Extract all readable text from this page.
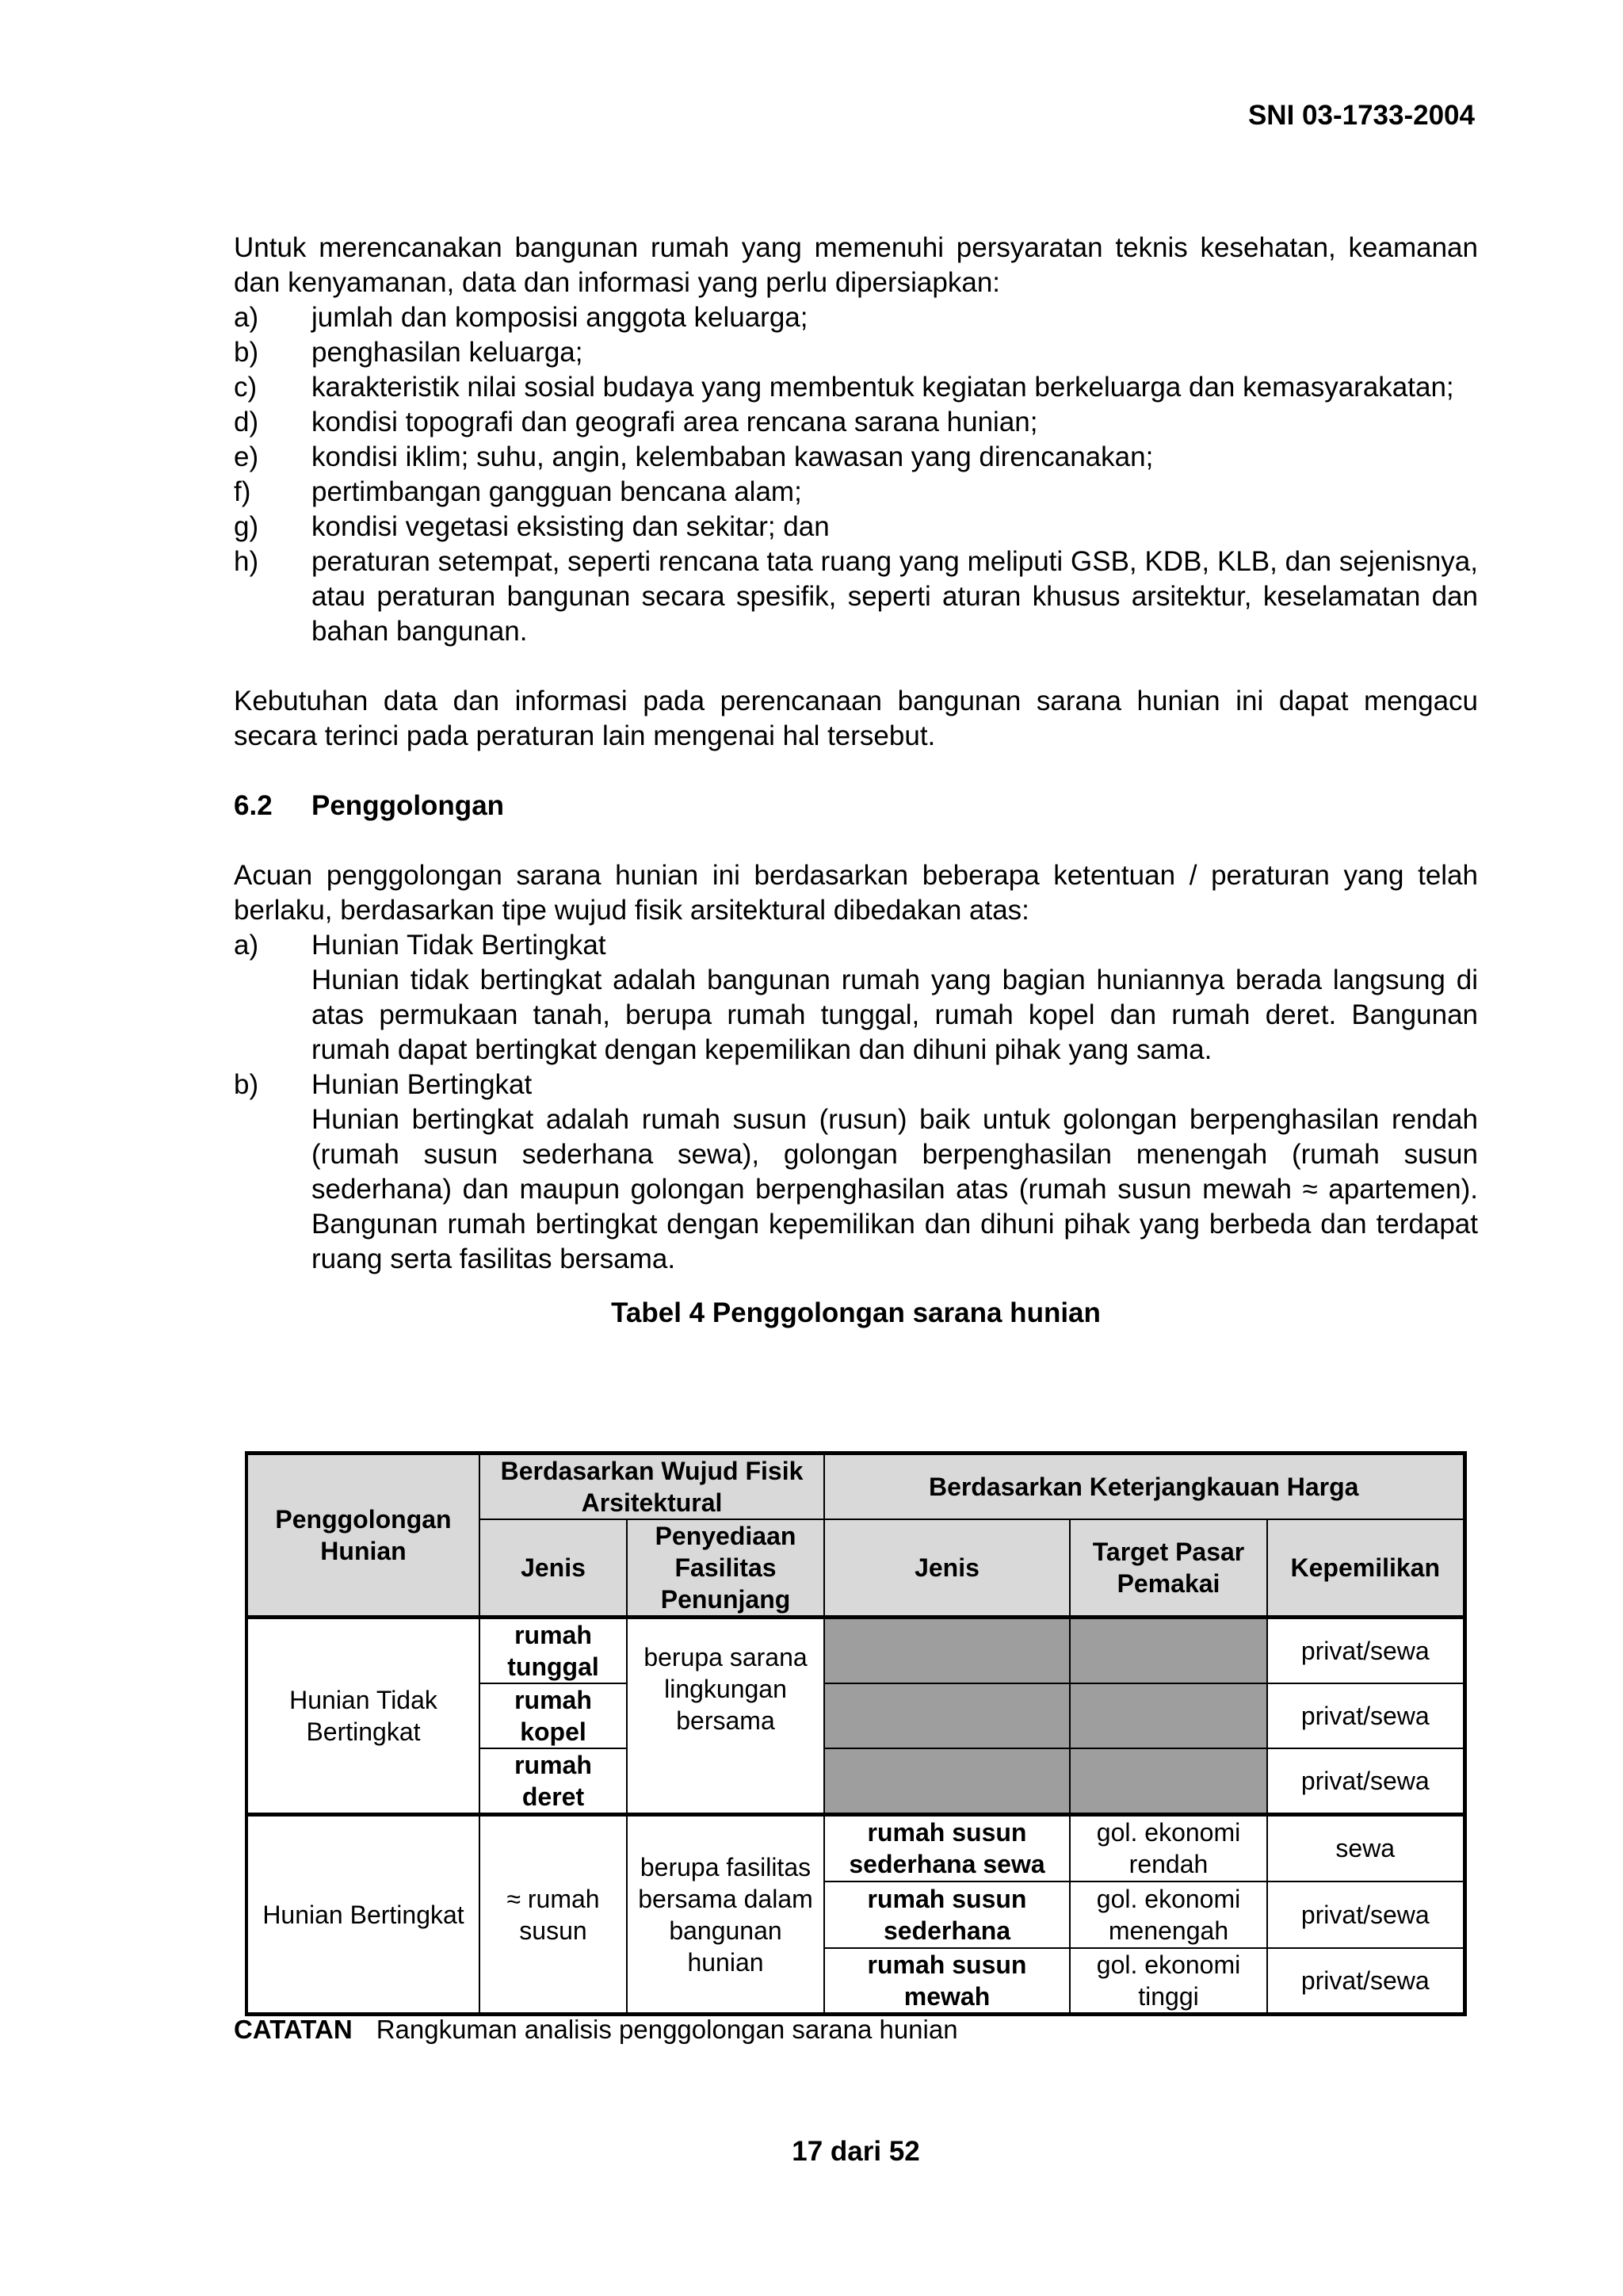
SNI 03-1733-2004

Untuk merencanakan bangunan rumah yang memenuhi persyaratan teknis kesehatan, keamanan dan kenyamanan, data dan informasi yang perlu dipersiapkan:

a)	jumlah dan komposisi anggota keluarga;
b)	penghasilan keluarga;
c)	karakteristik nilai sosial budaya yang membentuk kegiatan berkeluarga dan kemasyarakatan;
d)	kondisi topografi dan geografi area rencana sarana hunian;
e)	kondisi iklim; suhu, angin, kelembaban kawasan yang direncanakan;
f)	pertimbangan gangguan bencana alam;
g)	kondisi vegetasi eksisting dan sekitar; dan
h)	peraturan setempat, seperti rencana tata ruang yang meliputi GSB, KDB, KLB, dan sejenisnya, atau peraturan bangunan secara spesifik, seperti aturan khusus arsitektur, keselamatan dan bahan bangunan.

Kebutuhan data dan informasi pada perencanaan bangunan sarana hunian ini dapat mengacu secara terinci pada peraturan lain mengenai hal tersebut.

6.2	Penggolongan

Acuan penggolongan sarana hunian ini berdasarkan beberapa ketentuan / peraturan yang telah berlaku, berdasarkan tipe wujud fisik arsitektural dibedakan atas:

a)	Hunian Tidak Bertingkat
Hunian tidak bertingkat adalah bangunan rumah yang bagian huniannya berada langsung di atas permukaan tanah, berupa rumah tunggal, rumah kopel dan rumah deret. Bangunan rumah dapat bertingkat dengan kepemilikan dan dihuni pihak yang sama.
b)	Hunian Bertingkat
Hunian bertingkat adalah rumah susun (rusun) baik untuk golongan berpenghasilan rendah (rumah susun sederhana sewa), golongan berpenghasilan menengah (rumah susun sederhana) dan maupun golongan berpenghasilan atas (rumah susun mewah ≈ apartemen). Bangunan rumah bertingkat dengan kepemilikan dan dihuni pihak yang berbeda dan terdapat ruang serta fasilitas bersama.

Tabel 4 Penggolongan sarana hunian

Penggolongan Hunian	Berdasarkan Wujud Fisik Arsitektural		Berdasarkan Keterjangkauan Harga		
	Jenis	Penyediaan Fasilitas Penunjang	Jenis	Target Pasar Pemakai	Kepemilikan
Hunian Tidak Bertingkat	rumah tunggal	berupa sarana lingkungan bersama			privat/sewa
	rumah kopel				privat/sewa
	rumah deret				privat/sewa
Hunian Bertingkat	≈ rumah susun	berupa fasilitas bersama dalam bangunan hunian	rumah susun sederhana sewa	gol. ekonomi rendah	sewa
			rumah susun sederhana	gol. ekonomi menengah	privat/sewa
			rumah susun mewah	gol. ekonomi tinggi	privat/sewa
CATATAN Rangkuman analisis penggolongan sarana hunian
17 dari 52
